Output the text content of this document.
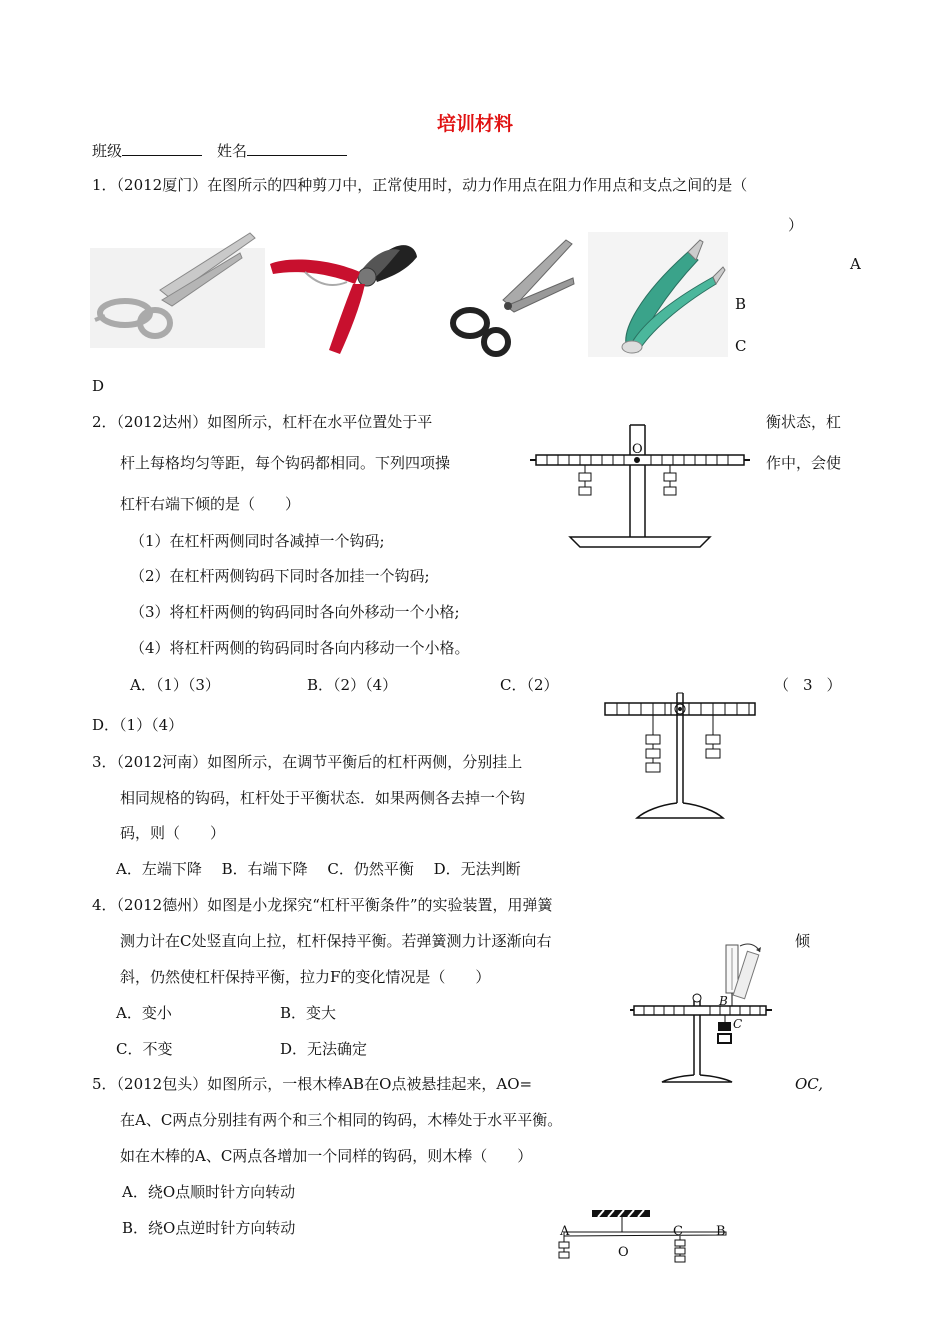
培训材料
班级	姓名
1．（2012厦门）在图所示的四种剪刀中，正常使用时，动力作用点在阻力作用点和支点之间的是（
）
A
B
C
D
2．（2012达州）如图所示，杠杆在水平位置处于平	衡状态，杠
杆上每格均匀等距，每个钩码都相同。下列四项操	作中，会使
杠杆右端下倾的是（　　）
（1）在杠杆两侧同时各减掉一个钩码;
（2）在杠杆两侧钩码下同时各加挂一个钩码;
（3）将杠杆两侧的钩码同时各向外移动一个小格;
（4）将杠杆两侧的钩码同时各向内移动一个小格。
A．（1）（3）	B．（2）（4）	C．（2）	（3）
D．（1）（4）
O
3．（2012河南）如图所示，在调节平衡后的杠杆两侧，分别挂上
相同规格的钩码，杠杆处于平衡状态．如果两侧各去掉一个钩
码，则（　　）
A．左端下降　 B．右端下降　 C．仍然平衡　 D．无法判断
4．（2012德州）如图是小龙探究“杠杆平衡条件”的实验装置，用弹簧
测力计在C处竖直向上拉，杠杆保持平衡。若弹簧测力计逐渐向右	倾
斜，仍然使杠杆保持平衡，拉力F的变化情况是（　　）
A．变小	B．变大
C．不变	D．无法确定
B
C
5．（2012包头）如图所示，一根木棒AB在O点被悬挂起来，AO=	OC,
在A、C两点分别挂有两个和三个相同的钩码，木棒处于水平平衡。
如在木棒的A、C两点各增加一个同样的钩码，则木棒（　　）
A．绕O点顺时针方向转动
B．绕O点逆时针方向转动	A	C	B
O
